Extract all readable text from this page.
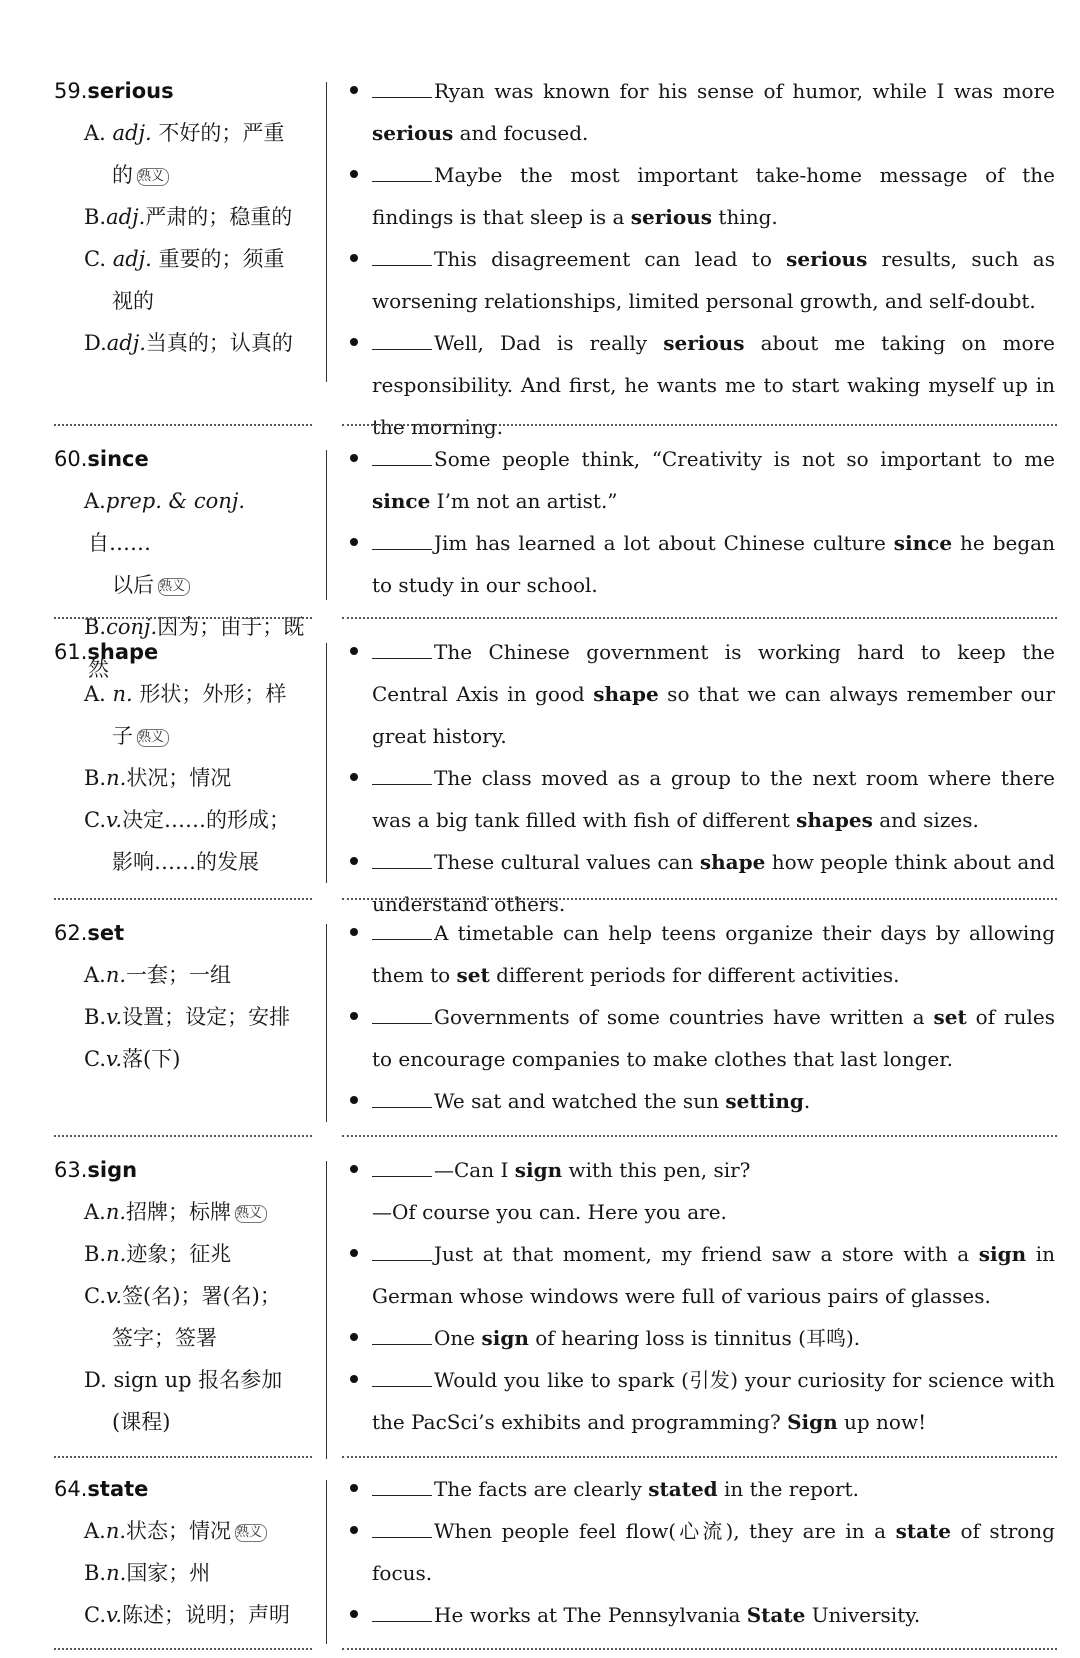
59.serious

A. adj. 不好的；严重
的 熟义

B.adj.严肃的；稳重的

C. adj. 重要的；须重
视的

D.adj.当真的；认真的

Ryan was known for his sense of humor, while I was more serious and focused.

Maybe the most important take-home message of the findings is that sleep is a serious thing.

This disagreement can lead to serious results, such as worsening relationships, limited personal growth, and self-doubt.

Well, Dad is really serious about me taking on more responsibility. And first, he wants me to start waking myself up in the morning.

60.since

A.prep. & conj. 自……
以后 熟义

B.conj.因为；由于；既然

Some people think, “Creativity is not so important to me since I’m not an artist.”

Jim has learned a lot about Chinese culture since he began to study in our school.

61.shape

A. n. 形状；外形；样
子 熟义

B.n.状况；情况

C.v.决定……的形成；
影响……的发展

The Chinese government is working hard to keep the Central Axis in good shape so that we can always remember our great history.

The class moved as a group to the next room where there was a big tank filled with fish of different shapes and sizes.

These cultural values can shape how people think about and understand others.

62.set

A.n.一套；一组

B.v.设置；设定；安排

C.v.落(下)

A timetable can help teens organize their days by allowing them to set different periods for different activities.

Governments of some countries have written a set of rules to encourage companies to make clothes that last longer.

We sat and watched the sun setting.

63.sign

A.n.招牌；标牌 熟义

B.n.迹象；征兆

C.v.签(名)；署(名)；
签字；签署

D. sign up 报名参加
(课程)

—Can I sign with this pen, sir?
—Of course you can. Here you are.

Just at that moment, my friend saw a store with a sign in German whose windows were full of various pairs of glasses.

One sign of hearing loss is tinnitus (耳鸣).

Would you like to spark (引发) your curiosity for science with the PacSci’s exhibits and programming? Sign up now!

64.state

A.n.状态；情况 熟义

B.n.国家；州

C.v.陈述；说明；声明

The facts are clearly stated in the report.

When people feel flow(心流), they are in a state of strong focus.

He works at The Pennsylvania State University.
